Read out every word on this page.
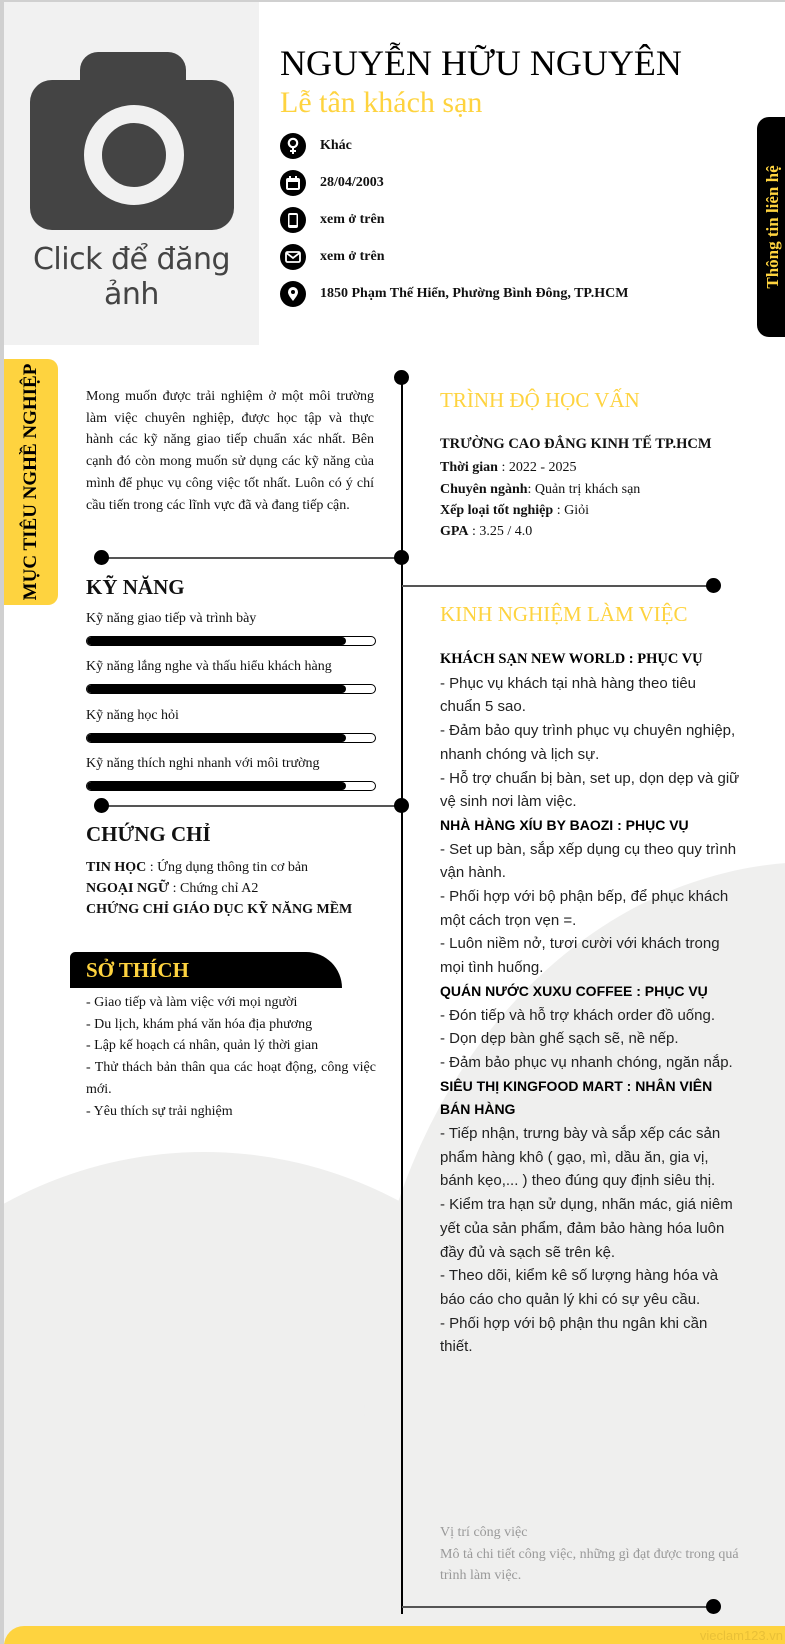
Click để đăng ảnh
NGUYỄN HỮU NGUYÊN
Lễ tân khách sạn
Khác
28/04/2003
xem ở trên
xem ở trên
1850 Phạm Thế Hiển, Phường Bình Đông, TP.HCM
Thông tin liên hệ
MỤC TIÊU NGHỀ NGHIỆP	Mong muốn được trải nghiệm ở một môi trường làm việc chuyên nghiệp, được học tập và thực hành các kỹ năng giao tiếp chuẩn xác nhất. Bên cạnh đó còn mong muốn sử dụng các kỹ năng của mình để phục vụ công việc tốt nhất. Luôn có ý chí cầu tiến trong các lĩnh vực đã và đang tiếp cận.
KỸ NĂNG
Kỹ năng giao tiếp và trình bày
Kỹ năng lắng nghe và thấu hiểu khách hàng
Kỹ năng học hỏi
Kỹ năng thích nghi nhanh với môi trường
CHỨNG CHỈ
TIN HỌC : Ứng dụng thông tin cơ bản
NGOẠI NGỮ : Chứng chỉ A2
CHỨNG CHỈ GIÁO DỤC KỸ NĂNG MỀM
SỞ THÍCH
- Giao tiếp và làm việc với mọi người
- Du lịch, khám phá văn hóa địa phương
- Lập kế hoạch cá nhân, quản lý thời gian
- Thử thách bản thân qua các hoạt động, công việc mới.
- Yêu thích sự trải nghiệm
TRÌNH ĐỘ HỌC VẤN
TRƯỜNG CAO ĐẲNG KINH TẾ TP.HCM
Thời gian : 2022 - 2025
Chuyên ngành: Quản trị khách sạn
Xếp loại tốt nghiệp : Giỏi
GPA : 3.25 / 4.0
KINH NGHIỆM LÀM VIỆC
KHÁCH SẠN NEW WORLD : PHỤC VỤ
- Phục vụ khách tại nhà hàng theo tiêu chuẩn 5 sao.
- Đảm bảo quy trình phục vụ chuyên nghiệp, nhanh chóng và lịch sự.
- Hỗ trợ chuẩn bị bàn, set up, dọn dẹp và giữ vệ sinh nơi làm việc.
NHÀ HÀNG XÍU BY BAOZI : PHỤC VỤ
- Set up bàn, sắp xếp dụng cụ theo quy trình vận hành.
- Phối hợp với bộ phận bếp, để phục khách một cách trọn vẹn =.
- Luôn niềm nở, tươi cười với khách trong mọi tình huống.
QUÁN NƯỚC XUXU COFFEE : PHỤC VỤ
- Đón tiếp và hỗ trợ khách order đồ uống.
- Dọn dẹp bàn ghế sạch sẽ, nề nếp.
- Đảm bảo phục vụ nhanh chóng, ngăn nắp.
SIÊU THỊ KINGFOOD MART : NHÂN VIÊN BÁN HÀNG
- Tiếp nhận, trưng bày và sắp xếp các sản phẩm hàng khô ( gạo, mì, dầu ăn, gia vị, bánh kẹo,... ) theo đúng quy định siêu thị.
- Kiểm tra hạn sử dụng, nhãn mác, giá niêm yết của sản phẩm, đảm bảo hàng hóa luôn đầy đủ và sạch sẽ trên kệ.
- Theo dõi, kiểm kê số lượng hàng hóa và báo cáo cho quản lý khi có sự yêu cầu.
- Phối hợp với bộ phận thu ngân khi cần thiết.
Vị trí công việc
Mô tả chi tiết công việc, những gì đạt được trong quá trình làm việc.
vieclam123.vn
